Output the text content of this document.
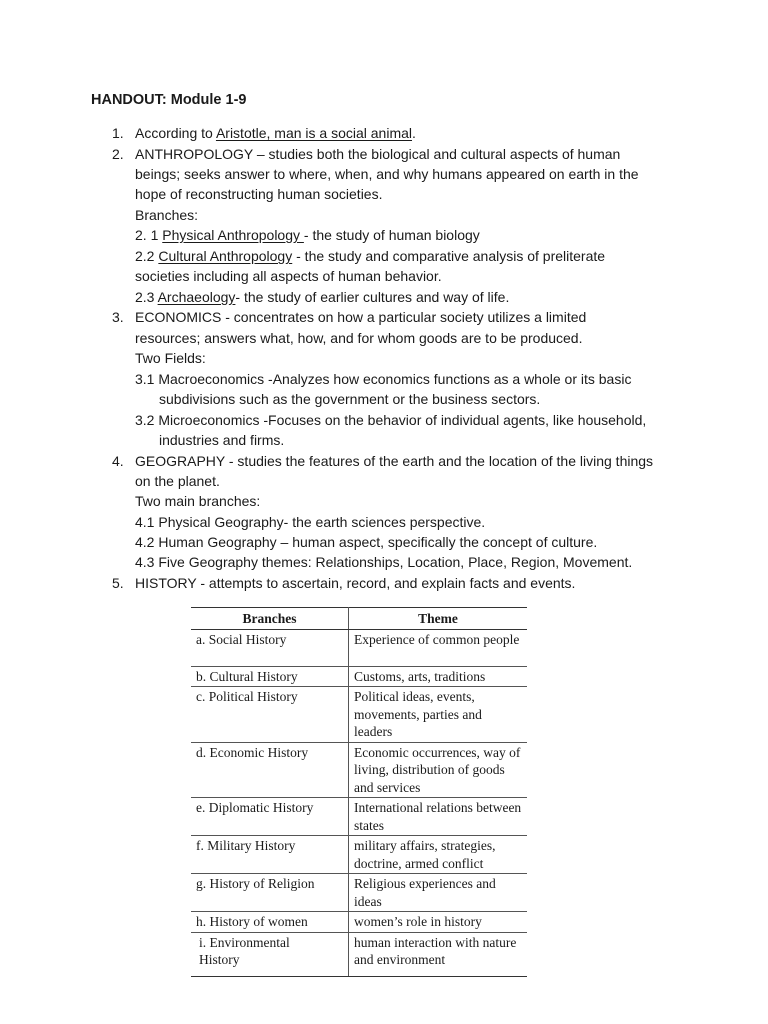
HANDOUT: Module 1-9
1. According to Aristotle, man is a social animal.
2. ANTHROPOLOGY – studies both the biological and cultural aspects of human
beings; seeks answer to where, when, and why humans appeared on earth in the
hope of reconstructing human societies.
Branches:
2. 1 Physical Anthropology - the study of human biology
2.2 Cultural Anthropology - the study and comparative analysis of preliterate
societies including all aspects of human behavior.
2.3 Archaeology- the study of earlier cultures and way of life.
3. ECONOMICS - concentrates on how a particular society utilizes a limited
resources; answers what, how, and for whom goods are to be produced.
Two Fields:
3.1 Macroeconomics -Analyzes how economics functions as a whole or its basic
subdivisions such as the government or the business sectors.
3.2 Microeconomics -Focuses on the behavior of individual agents, like household,
industries and firms.
4. GEOGRAPHY - studies the features of the earth and the location of the living things
on the planet.
Two main branches:
4.1 Physical Geography- the earth sciences perspective.
4.2 Human Geography – human aspect, specifically the concept of culture.
4.3 Five Geography themes: Relationships, Location, Place, Region, Movement.
5. HISTORY - attempts to ascertain, record, and explain facts and events.
Branches	Theme
a. Social History	Experience of common people
b. Cultural History	Customs, arts, traditions
c. Political History	Political ideas, events, movements, parties and leaders
d. Economic History	Economic occurrences, way of living, distribution of goods and services
e. Diplomatic History	International relations between states
f. Military History	military affairs, strategies, doctrine, armed conflict
g. History of Religion	Religious experiences and ideas
h. History of women	women’s role in history
i. Environmental History	human interaction with nature and environment
